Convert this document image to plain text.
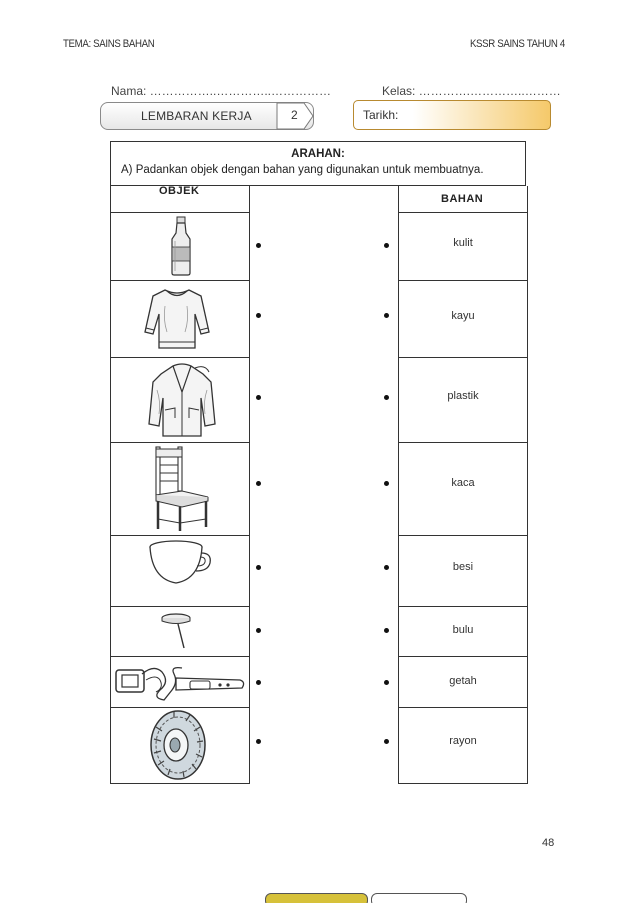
TEMA: SAINS BAHAN	KSSR SAINS TAHUN 4
Nama: ……………..…………..……………	Kelas: ………….…………..………
LEMBARAN KERJA	2	Tarikh:
ARAHAN:
A) Padankan objek dengan bahan yang digunakan untuk membuatnya.
OBJEK
BAHAN
kulit
kayu
plastik
kaca
besi
bulu
getah
rayon
48
